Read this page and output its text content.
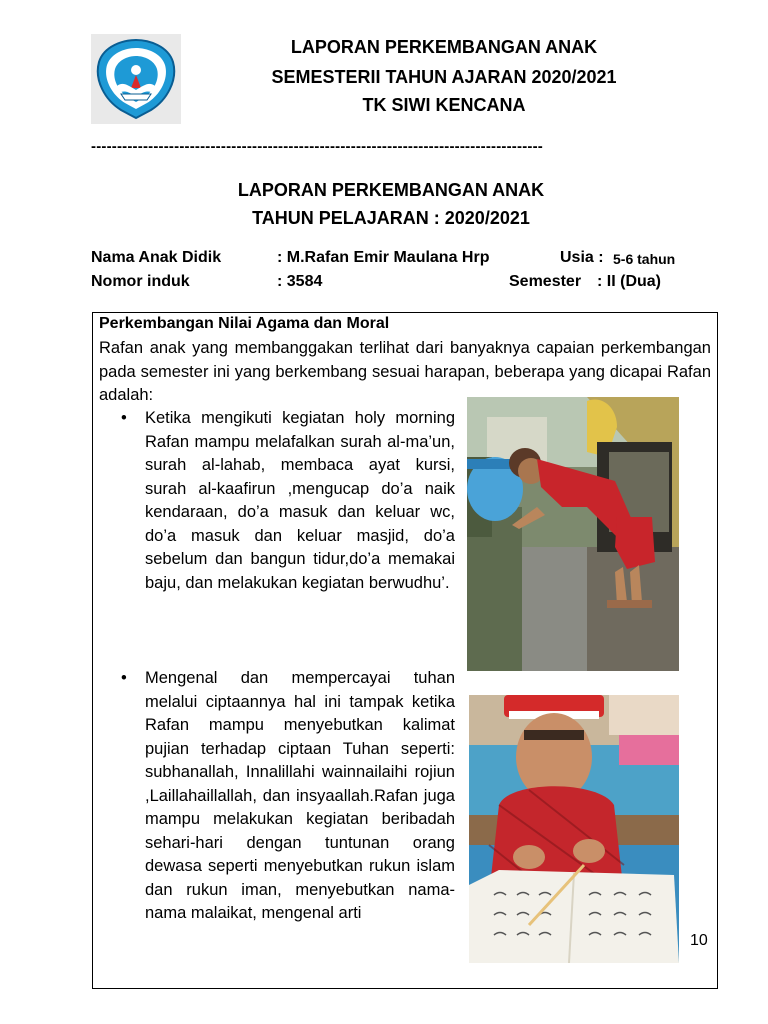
LAPORAN PERKEMBANGAN ANAK
SEMESTERII TAHUN AJARAN 2020/2021
TK SIWI KENCANA
---------------------------------------------------------------------------------------
LAPORAN PERKEMBANGAN ANAK
TAHUN PELAJARAN : 2020/2021
Nama Anak Didik	: M.Rafan Emir Maulana Hrp	Usia : 5-6 tahun
Nomor induk	: 3584	Semester : II (Dua)
Perkembangan Nilai Agama dan Moral
Rafan anak yang membanggakan terlihat dari banyaknya capaian perkembangan pada semester ini yang berkembang sesuai harapan, beberapa yang dicapai Rafan adalah:
• Ketika mengikuti kegiatan holy morning Rafan mampu melafalkan surah al-ma’un, surah al-lahab, membaca ayat kursi, surah al-kaafirun ,mengucap do’a naik kendaraan, do’a masuk dan keluar wc, do’a masuk dan keluar masjid, do’a sebelum dan bangun tidur,do’a memakai baju, dan melakukan kegiatan berwudhu’.
• Mengenal dan mempercayai tuhan melalui ciptaannya hal ini tampak ketika Rafan mampu menyebutkan kalimat pujian terhadap ciptaan Tuhan seperti: subhanallah, Innalillahi wainnailaihi rojiun ,Laillahaillallah, dan insyaallah.Rafan juga mampu melakukan kegiatan beribadah sehari-hari dengan tuntunan orang dewasa seperti menyebutkan rukun islam dan rukun iman, menyebutkan nama-nama malaikat, mengenal arti
10
